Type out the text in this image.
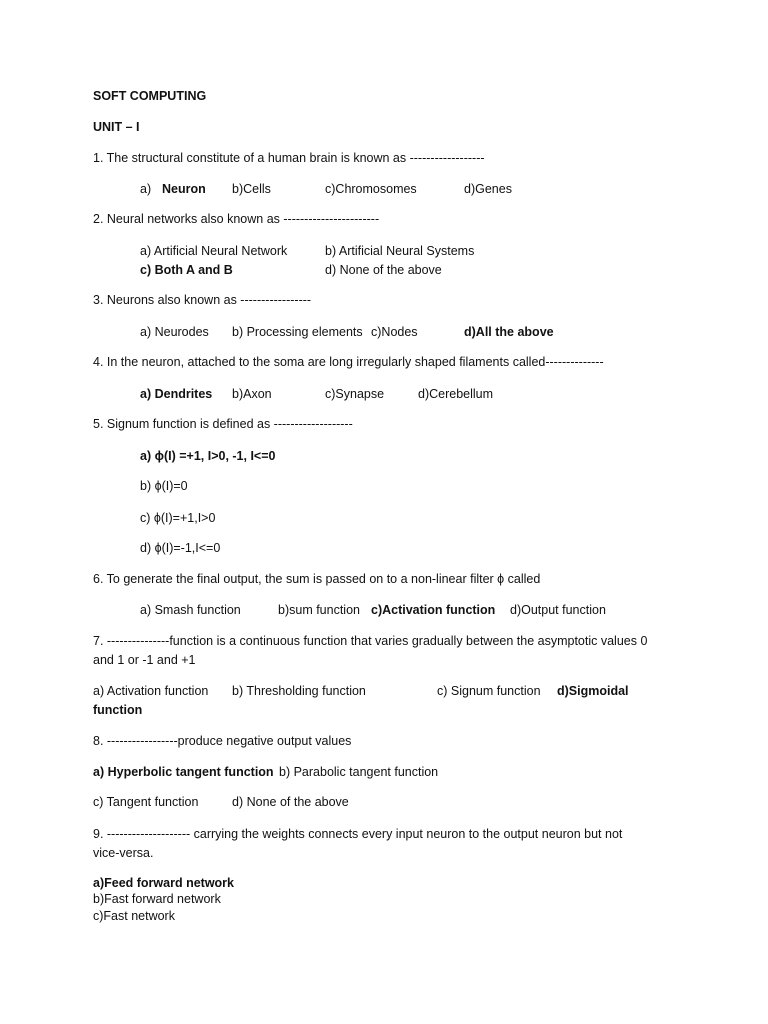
SOFT COMPUTING
UNIT – I
1. The structural constitute of a human brain is known as ------------------
a) Neuron b)Cells	c)Chromosomes	d)Genes
2. Neural networks also known as -----------------------
a) Artificial Neural Network	b) Artificial Neural Systems
c) Both A and B	d) None of the above
3. Neurons also known as -----------------
a) Neurodes b) Processing elements c)Nodes	d)All the above
4. In the neuron, attached to the soma are long irregularly shaped filaments called--------------
a) Dendrites b)Axon	c)Synapse	d)Cerebellum
5. Signum function is defined as -------------------
a) ϕ(I) =+1, I>0, -1, I<=0
b) ϕ(I)=0
c) ϕ(I)=+1,I>0
d) ϕ(I)=-1,I<=0
6. To generate the final output, the sum is passed on to a non-linear filter ϕ called
a) Smash function	b)sum function c)Activation function d)Output function
7. ---------------function is a continuous function that varies gradually between the asymptotic values 0
and 1 or -1 and +1
a) Activation function b) Thresholding function	c) Signum function d)Sigmoidal
function
8. -----------------produce negative output values
a) Hyperbolic tangent function b) Parabolic tangent function
c) Tangent function	d) None of the above
9. -------------------- carrying the weights connects every input neuron to the output neuron but not
vice-versa.
a)Feed forward network
b)Fast forward network
c)Fast network
